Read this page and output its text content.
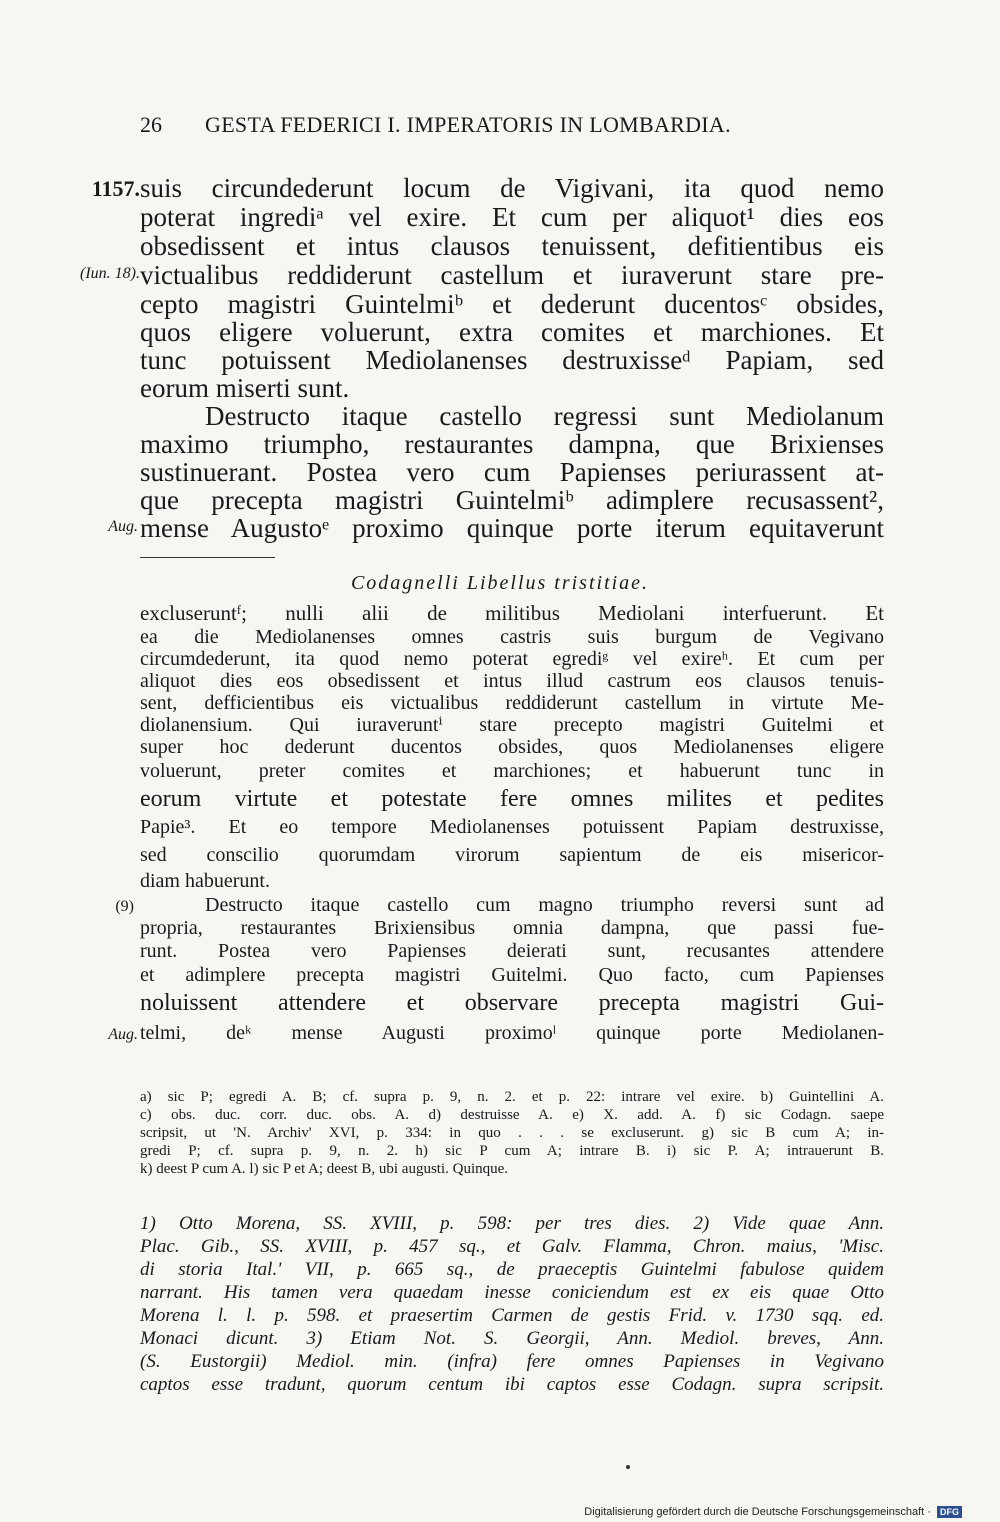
26 GESTA FEDERICI I. IMPERATORIS IN LOMBARDIA.
1157.
(Iun. 18).
Aug.
(9)
Aug.
suis circundederunt locum de Vigivani, ita quod nemo
poterat ingrediᵃ vel exire. Et cum per aliquot¹ dies eos
obsedissent et intus clausos tenuissent, defitientibus eis
victualibus reddiderunt castellum et iuraverunt stare pre-
cepto magistri Guintelmiᵇ et dederunt ducentosᶜ obsides,
quos eligere voluerunt, extra comites et marchiones. Et
tunc potuissent Mediolanenses destruxisseᵈ Papiam, sed
eorum miserti sunt.
Destructo itaque castello regressi sunt Mediolanum
maximo triumpho, restaurantes dampna, que Brixienses
sustinuerant. Postea vero cum Papienses periurassent at-
que precepta magistri Guintelmiᵇ adimplere recusassent²,
mense Augustoᵉ proximo quinque porte iterum equitaverunt
Codagnelli Libellus tristitiae.
excluseruntᶠ; nulli alii de militibus Mediolani interfuerunt. Et
ea die Mediolanenses omnes castris suis burgum de Vegivano
circumdederunt, ita quod nemo poterat egrediᵍ vel exireʰ. Et cum per
aliquot dies eos obsedissent et intus illud castrum eos clausos tenuis-
sent, defficientibus eis victualibus reddiderunt castellum in virtute Me-
diolanensium. Qui iuraveruntⁱ stare precepto magistri Guitelmi et
super hoc dederunt ducentos obsides, quos Mediolanenses eligere
voluerunt, preter comites et marchiones; et habuerunt tunc in
eorum virtute et potestate fere omnes milites et pedites
Papie³. Et eo tempore Mediolanenses potuissent Papiam destruxisse,
sed conscilio quorumdam virorum sapientum de eis misericor-
diam habuerunt.
Destructo itaque castello cum magno triumpho reversi sunt ad
propria, restaurantes Brixiensibus omnia dampna, que passi fue-
runt. Postea vero Papienses deierati sunt, recusantes attendere
et adimplere precepta magistri Guitelmi. Quo facto, cum Papienses
noluissent attendere et observare precepta magistri Gui-
telmi, deᵏ mense Augusti proximoˡ quinque porte Mediolanen-
a) sic P; egredi A. B; cf. supra p. 9, n. 2. et p. 22: intrare vel exire. b) Guintellini A.
c) obs. duc. corr. duc. obs. A. d) destruisse A. e) X. add. A. f) sic Codagn. saepe
scripsit, ut 'N. Archiv' XVI, p. 334: in quo . . . se excluserunt. g) sic B cum A; in-
gredi P; cf. supra p. 9, n. 2. h) sic P cum A; intrare B. i) sic P. A; intrauerunt B.
k) deest P cum A. l) sic P et A; deest B, ubi augusti. Quinque.
1) Otto Morena, SS. XVIII, p. 598: per tres dies. 2) Vide quae Ann.
Plac. Gib., SS. XVIII, p. 457 sq., et Galv. Flamma, Chron. maius, 'Misc.
di storia Ital.' VII, p. 665 sq., de praeceptis Guintelmi fabulose quidem
narrant. His tamen vera quaedam inesse coniciendum est ex eis quae Otto
Morena l. l. p. 598. et praesertim Carmen de gestis Frid. v. 1730 sqq. ed.
Monaci dicunt. 3) Etiam Not. S. Georgii, Ann. Mediol. breves, Ann.
(S. Eustorgii) Mediol. min. (infra) fere omnes Papienses in Vegivano
captos esse tradunt, quorum centum ibi captos esse Codagn. supra scripsit.
Digitalisierung gefördert durch die Deutsche Forschungsgemeinschaft · DFG
